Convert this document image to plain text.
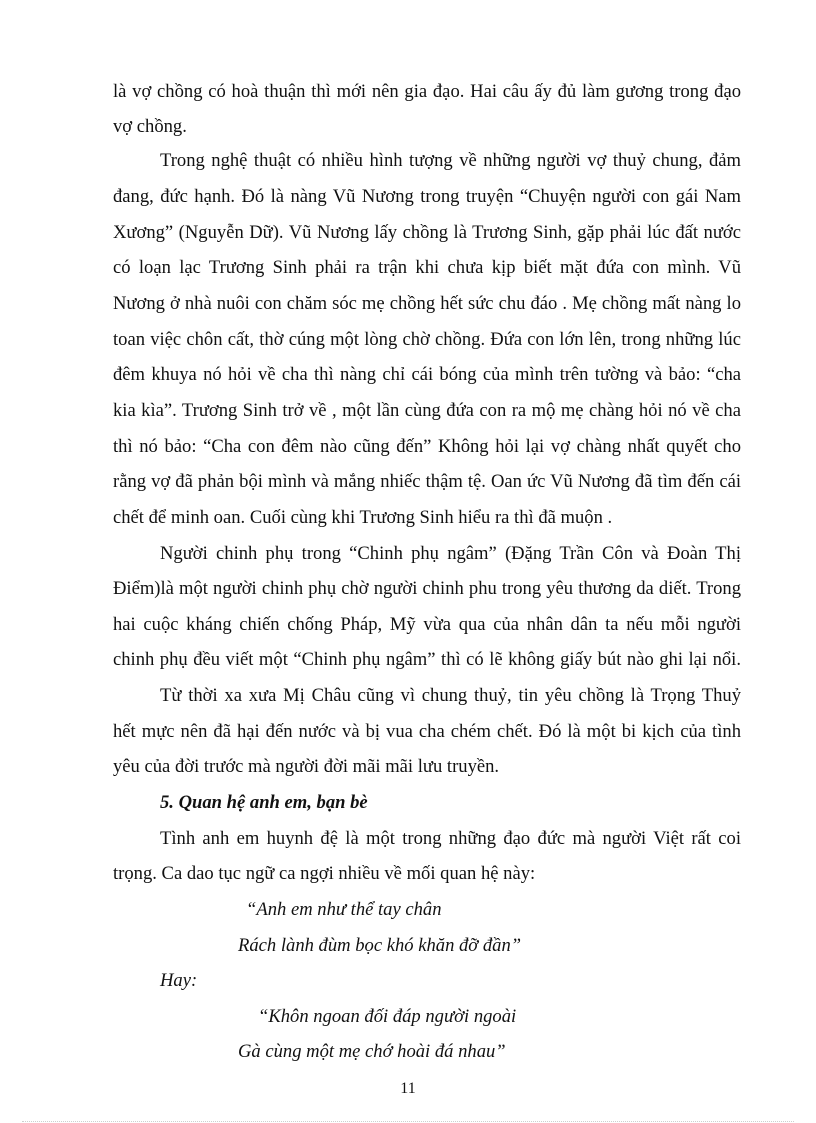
là vợ chồng có hoà thuận thì mới nên gia đạo. Hai câu ấy đủ làm gương trong đạo
vợ chồng.
Trong nghệ thuật có nhiều hình tượng về những người vợ thuỷ chung, đảm
đang, đức hạnh. Đó là nàng Vũ Nương trong truyện “Chuyện người con gái Nam
Xương” (Nguyễn Dữ). Vũ Nương lấy chồng là Trương Sinh, gặp phải lúc đất nước
có loạn lạc Trương Sinh phải ra trận khi chưa kịp biết mặt đứa con mình. Vũ
Nương ở nhà nuôi con chăm sóc mẹ chồng hết sức chu đáo . Mẹ chồng mất nàng lo
toan việc chôn cất, thờ cúng một lòng chờ chồng. Đứa con lớn lên, trong những lúc
đêm khuya nó hỏi về cha thì nàng chỉ cái bóng của mình trên tường và bảo: “cha
kia kìa”. Trương Sinh trở về , một lần cùng đứa con ra mộ mẹ chàng hỏi nó về cha
thì nó bảo: “Cha con đêm nào cũng đến” Không hỏi lại vợ chàng nhất quyết cho
rằng vợ đã phản bội mình và mắng nhiếc thậm tệ. Oan ức Vũ Nương đã tìm đến cái
chết để minh oan. Cuối cùng khi Trương Sinh hiểu ra thì đã muộn .
Người chinh phụ trong “Chinh phụ ngâm” (Đặng Trần Côn và Đoàn Thị
Điểm)là một người chinh phụ chờ người chinh phu trong yêu thương da diết. Trong
hai cuộc kháng chiến chống Pháp, Mỹ vừa qua của nhân dân ta nếu mỗi người
chinh phụ đều viết một “Chinh phụ ngâm” thì có lẽ không giấy bút nào ghi lại nổi.
Từ thời xa xưa Mị Châu cũng vì chung thuỷ, tin yêu chồng là Trọng Thuỷ
hết mực nên đã hại đến nước và bị vua cha chém chết. Đó là một bi kịch của tình
yêu của đời trước mà người đời mãi mãi lưu truyền.
5. Quan hệ anh em, bạn bè
Tình anh em huynh đệ là một trong những đạo đức mà người Việt rất coi
trọng. Ca dao tục ngữ ca ngợi nhiều về mối quan hệ này:
“Anh em như thể tay chân
Rách lành đùm bọc khó khăn đỡ đần”
Hay:
“Khôn ngoan đối đáp người ngoài
Gà cùng một mẹ chớ hoài đá nhau”
11
